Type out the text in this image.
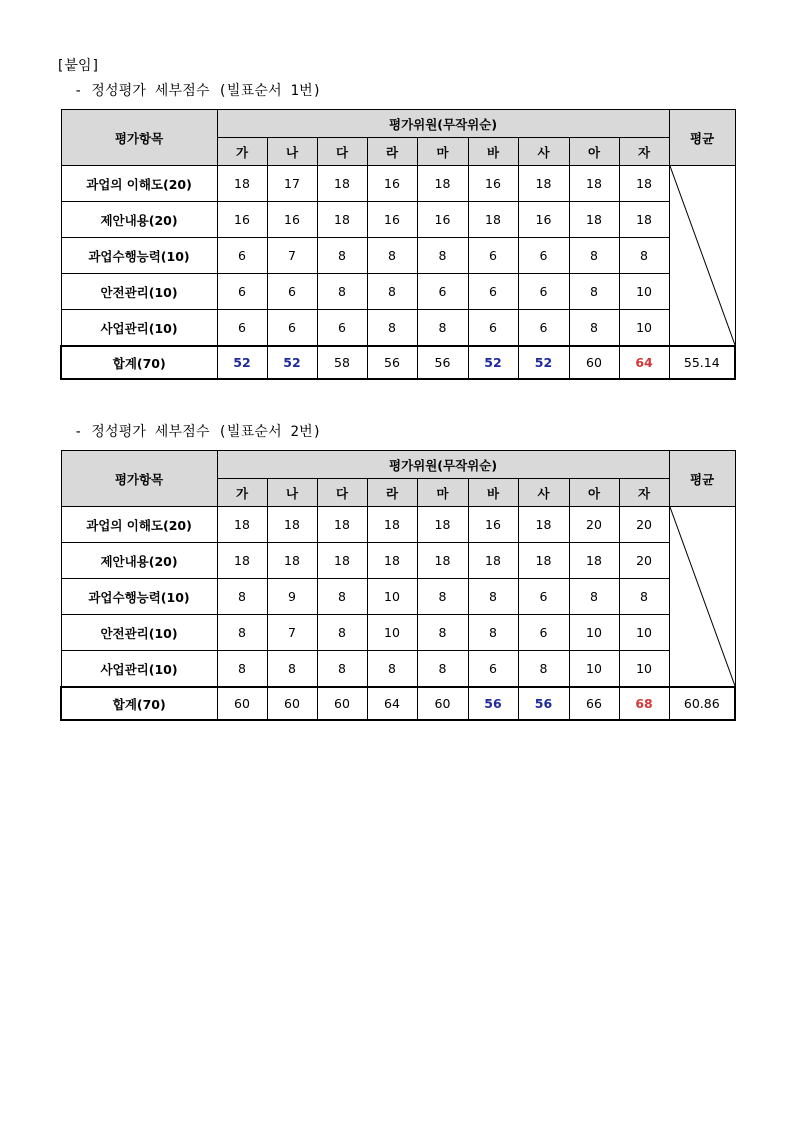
[붙임]
- 정성평가 세부점수 (빌표순서 1번)
평가항목	평가위원(무작위순)									평균
	가	나	다	라	마	바	사	아	자	
과업의 이해도(20)	18	17	18	16	18	16	18	18	18	

제안내용(20)	16	16	18	16	16	18	16	18	18	
과업수행능력(10)	6	7	8	8	8	6	6	8	8	
안전관리(10)	6	6	8	8	6	6	6	8	10	
사업관리(10)	6	6	6	8	8	6	6	8	10	
합계(70)	52	52	58	56	56	52	52	60	64	55.14
- 정성평가 세부점수 (빌표순서 2번)
평가항목	평가위원(무작위순)									평균
	가	나	다	라	마	바	사	아	자	
과업의 이해도(20)	18	18	18	18	18	16	18	20	20	

제안내용(20)	18	18	18	18	18	18	18	18	20	
과업수행능력(10)	8	9	8	10	8	8	6	8	8	
안전관리(10)	8	7	8	10	8	8	6	10	10	
사업관리(10)	8	8	8	8	8	6	8	10	10	
합계(70)	60	60	60	64	60	56	56	66	68	60.86
